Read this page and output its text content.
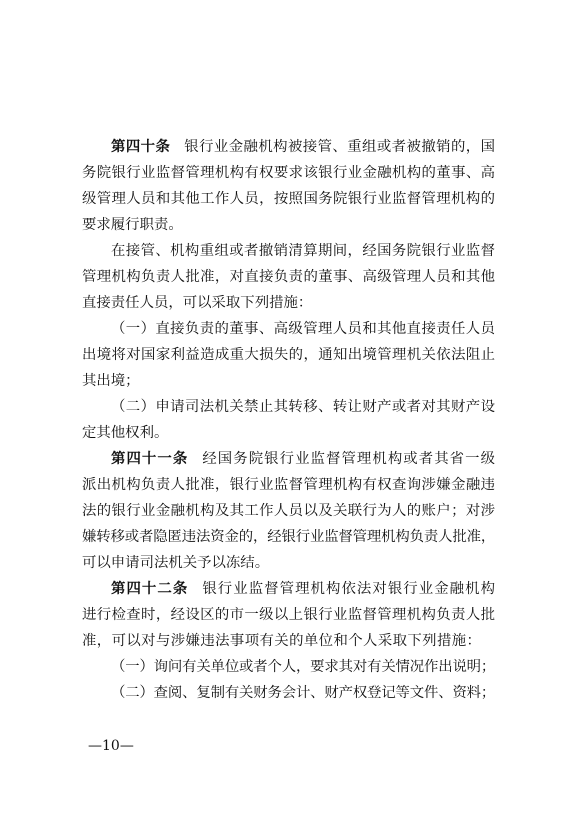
第四十条 银行业金融机构被接管、重组或者被撤销的，国
务院银行业监督管理机构有权要求该银行业金融机构的董事、高
级管理人员和其他工作人员，按照国务院银行业监督管理机构的
要求履行职责。
在接管、机构重组或者撤销清算期间，经国务院银行业监督
管理机构负责人批准，对直接负责的董事、高级管理人员和其他
直接责任人员，可以采取下列措施：
（一）直接负责的董事、高级管理人员和其他直接责任人员
出境将对国家利益造成重大损失的，通知出境管理机关依法阻止
其出境；
（二）申请司法机关禁止其转移、转让财产或者对其财产设
定其他权利。
第四十一条 经国务院银行业监督管理机构或者其省一级
派出机构负责人批准，银行业监督管理机构有权查询涉嫌金融违
法的银行业金融机构及其工作人员以及关联行为人的账户；对涉
嫌转移或者隐匿违法资金的，经银行业监督管理机构负责人批准，
可以申请司法机关予以冻结。
第四十二条 银行业监督管理机构依法对银行业金融机构
进行检查时，经设区的市一级以上银行业监督管理机构负责人批
准，可以对与涉嫌违法事项有关的单位和个人采取下列措施：
（一）询问有关单位或者个人，要求其对有关情况作出说明；
（二）查阅、复制有关财务会计、财产权登记等文件、资料；
—10—
